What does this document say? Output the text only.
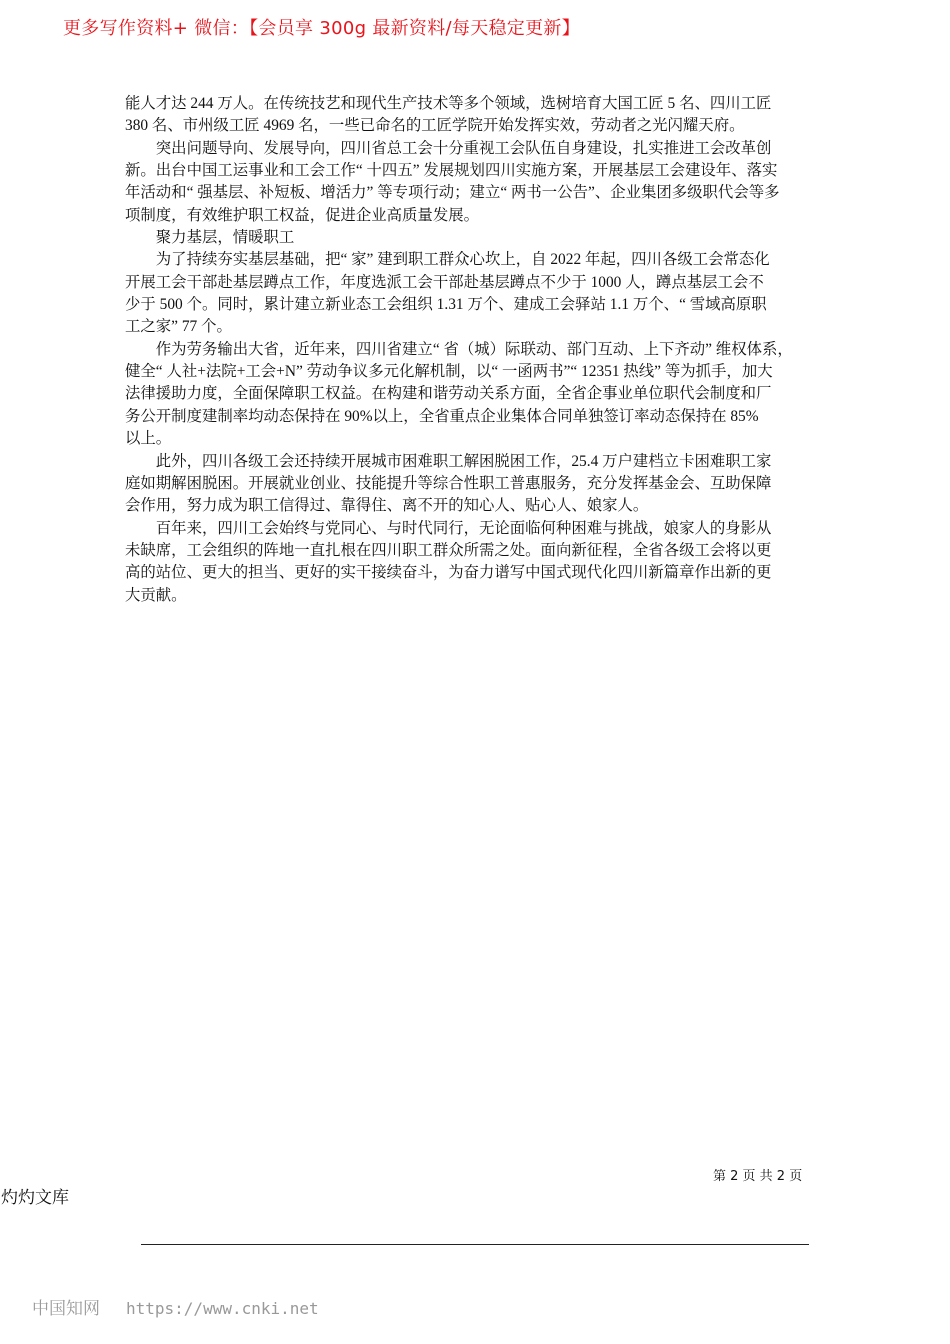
更多写作资料+ 微信：【会员享 300g 最新资料/每天稳定更新】
能人才达 244 万人。在传统技艺和现代生产技术等多个领域，选树培育大国工匠 5 名、四川工匠
380 名、市州级工匠 4969 名，一些已命名的工匠学院开始发挥实效，劳动者之光闪耀天府。
　　突出问题导向、发展导向，四川省总工会十分重视工会队伍自身建设，扎实推进工会改革创
新。出台中国工运事业和工会工作“ 十四五” 发展规划四川实施方案，开展基层工会建设年、落实
年活动和“ 强基层、补短板、增活力” 等专项行动；建立“ 两书一公告”、企业集团多级职代会等多
项制度，有效维护职工权益，促进企业高质量发展。
　　聚力基层，情暖职工
　　为了持续夯实基层基础，把“ 家” 建到职工群众心坎上，自 2022 年起，四川各级工会常态化
开展工会干部赴基层蹲点工作，年度选派工会干部赴基层蹲点不少于 1000 人，蹲点基层工会不
少于 500 个。同时，累计建立新业态工会组织 1.31 万个、建成工会驿站 1.1 万个、“ 雪域高原职
工之家” 77 个。
　　作为劳务输出大省，近年来，四川省建立“ 省（城）际联动、部门互动、上下齐动” 维权体系，
健全“ 人社+法院+工会+N” 劳动争议多元化解机制，以“ 一函两书”“ 12351 热线” 等为抓手，加大
法律援助力度，全面保障职工权益。在构建和谐劳动关系方面，全省企事业单位职代会制度和厂
务公开制度建制率均动态保持在 90%以上，全省重点企业集体合同单独签订率动态保持在 85%
以上。
　　此外，四川各级工会还持续开展城市困难职工解困脱困工作，25.4 万户建档立卡困难职工家
庭如期解困脱困。开展就业创业、技能提升等综合性职工普惠服务，充分发挥基金会、互助保障
会作用，努力成为职工信得过、靠得住、离不开的知心人、贴心人、娘家人。
　　百年来，四川工会始终与党同心、与时代同行，无论面临何种困难与挑战，娘家人的身影从
未缺席，工会组织的阵地一直扎根在四川职工群众所需之处。面向新征程，全省各级工会将以更
高的站位、更大的担当、更好的实干接续奋斗，为奋力谱写中国式现代化四川新篇章作出新的更
大贡献。
第 2 页 共 2 页
灼灼文库
中国知网 https://www.cnki.net
